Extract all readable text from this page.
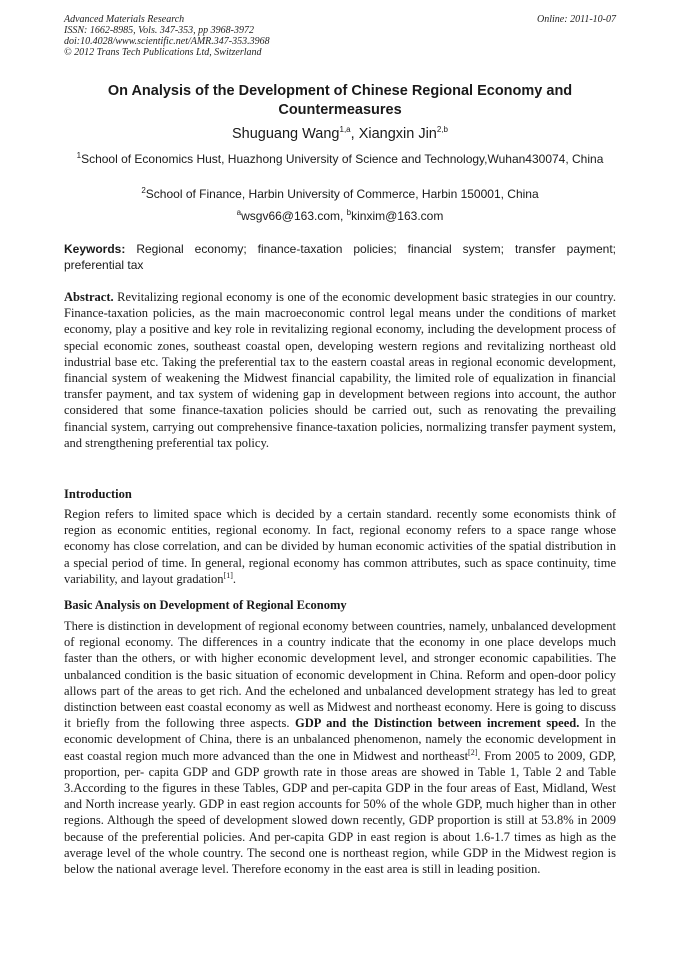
Advanced Materials Research
ISSN: 1662-8985, Vols. 347-353, pp 3968-3972
doi:10.4028/www.scientific.net/AMR.347-353.3968
© 2012 Trans Tech Publications Ltd, Switzerland
Online: 2011-10-07
On Analysis of the Development of Chinese Regional Economy and Countermeasures
Shuguang Wang$^{1,a}$, Xiangxin Jin$^{2,b}$
$^1$School of Economics Hust, Huazhong University of Science and Technology,Wuhan430074, China
$^2$School of Finance, Harbin University of Commerce, Harbin 150001, China
$^a$wsgv66@163.com, $^b$kinxim@163.com
Keywords: Regional economy; finance-taxation policies; financial system; transfer payment; preferential tax
Abstract. Revitalizing regional economy is one of the economic development basic strategies in our country. Finance-taxation policies, as the main macroeconomic control legal means under the conditions of market economy, play a positive and key role in revitalizing regional economy, including the development process of special economic zones, southeast coastal open, developing western regions and revitalizing northeast old industrial base etc. Taking the preferential tax to the eastern coastal areas in regional economic development, financial system of weakening the Midwest financial capability, the limited role of equalization in financial transfer payment, and tax system of widening gap in development between regions into account, the author considered that some finance-taxation policies should be carried out, such as renovating the prevailing financial system, carrying out comprehensive finance-taxation policies, normalizing transfer payment system, and strengthening preferential tax policy.
Introduction
Region refers to limited space which is decided by a certain standard. recently some economists think of region as economic entities, regional economy. In fact, regional economy refers to a space range whose economy has close correlation, and can be divided by human economic activities of the spatial distribution in a special period of time. In general, regional economy has common attributes, such as space continuity, time variability, and layout gradation[1].
Basic Analysis on Development of Regional Economy
There is distinction in development of regional economy between countries, namely, unbalanced development of regional economy. The differences in a country indicate that the economy in one place develops much faster than the others, or with higher economic development level, and stronger economic capabilities. The unbalanced condition is the basic situation of economic development in China. Reform and open-door policy allows part of the areas to get rich. And the echeloned and unbalanced development strategy has led to great distinction between east coastal economy as well as Midwest and northeast economy. Here is going to discuss it briefly from the following three aspects. GDP and the Distinction between increment speed. In the economic development of China, there is an unbalanced phenomenon, namely the economic development in east coastal region much more advanced than the one in Midwest and northeast[2]. From 2005 to 2009, GDP, proportion, per- capita GDP and GDP growth rate in those areas are showed in Table 1, Table 2 and Table 3.According to the figures in these Tables, GDP and per-capita GDP in the four areas of East, Midland, West and North increase yearly. GDP in east region accounts for 50% of the whole GDP, much higher than in other regions. Although the speed of development slowed down recently, GDP proportion is still at 53.8% in 2009 because of the preferential policies. And per-capita GDP in east region is about 1.6-1.7 times as high as the average level of the whole country. The second one is northeast region, while GDP in the Midwest region is below the national average level. Therefore economy in the east area is still in leading position.
